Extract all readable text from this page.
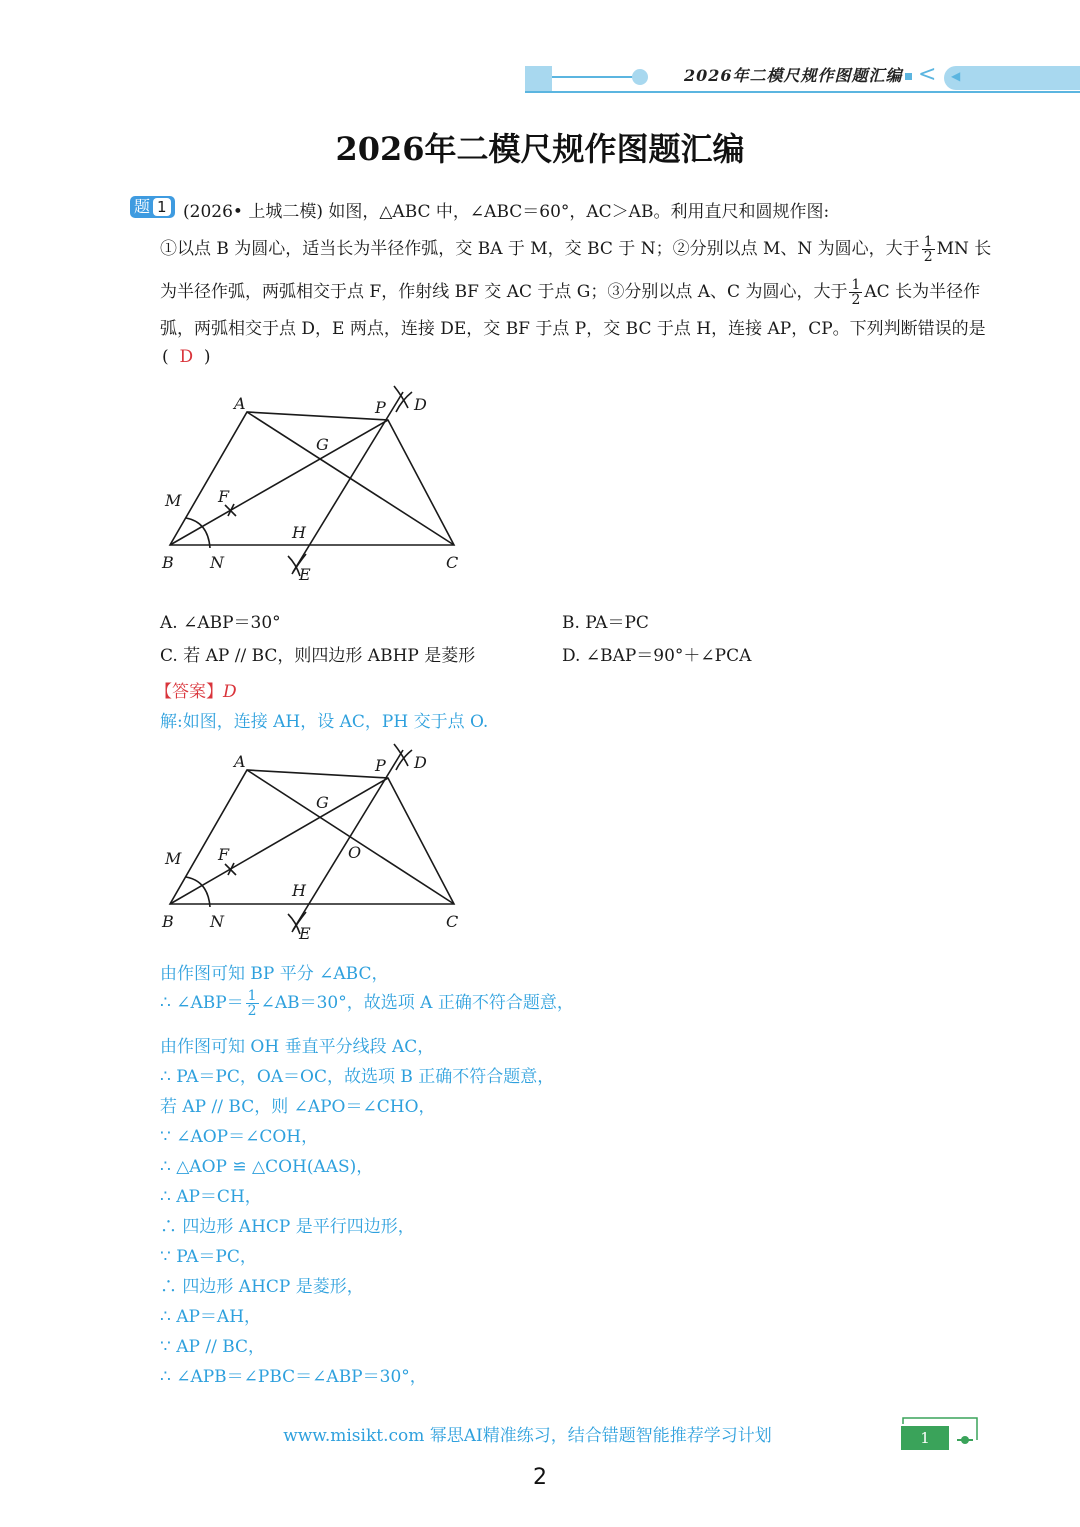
2026年二模尺规作图题汇编 < ◀
2026年二模尺规作图题汇编
题 1 (2026• 上城二模) 如图，△ABC 中，∠ABC＝60°，AC＞AB。利用直尺和圆规作图:
①以点 B 为圆心，适当长为半径作弧，交 BA 于 M，交 BC 于 N；②分别以点 M、N 为圆心，大于 $\frac{1}{2}$ MN 长
为半径作弧，两弧相交于点 F，作射线 BF 交 AC 于点 G；③分别以点 A、C 为圆心，大于 $\frac{1}{2}$ AC 长为半径作
弧，两弧相交于点 D，E 两点，连接 DE，交 BF 于点 P，交 BC 于点 H，连接 AP，CP。下列判断错误的是
( D )
A	P D
G
M F
H
B N
E
C
A. ∠ABP＝30°	B. PA＝PC
C. 若 AP // BC，则四边形 ABHP 是菱形	D. ∠BAP＝90°＋∠PCA
【答案】D
解:如图，连接 AH，设 AC，PH 交于点 O.
A	P D
G
O
M F
H
B N
E
C
由作图可知 BP 平分 ∠ABC，
∴ ∠ABP＝ $\frac{1}{2}$ ∠AB＝30°，故选项 A 正确不符合题意，
由作图可知 OH 垂直平分线段 AC，
∴ PA＝PC，OA＝OC，故选项 B 正确不符合题意，
若 AP // BC，则 ∠APO＝∠CHO，
∵ ∠AOP＝∠COH，
∴ △AOP ≌ △COH(AAS)，
∴ AP＝CH，
∴ 四边形 AHCP 是平行四边形，
∵ PA＝PC，
∴ 四边形 AHCP 是菱形，
∴ AP＝AH，
∵ AP // BC，
∴ ∠APB＝∠PBC＝∠ABP＝30°，
www.misikt.com 幂思AI精准练习，结合错题智能推荐学习计划	1
2
